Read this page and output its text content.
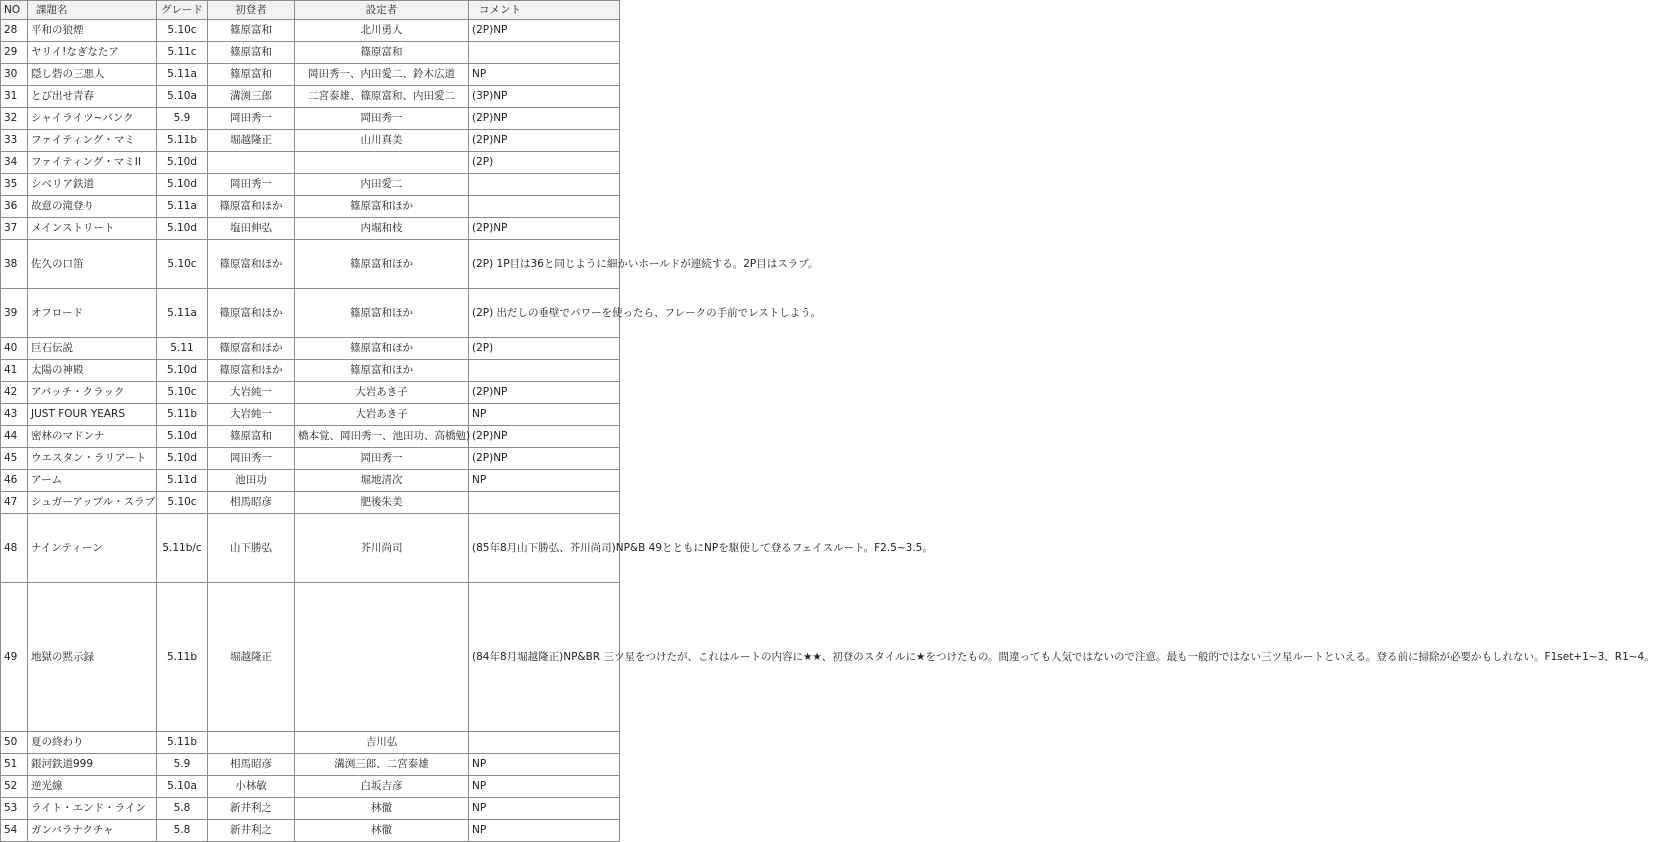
NO	課題名	グレード	初登者	設定者	コメント
28	平和の狼煙	5.10c	篠原富和	北川勇人	(2P)NP
29	ヤリイ!なぎなたア	5.11c	篠原富和	篠原富和	
30	隠し砦の三悪人	5.11a	篠原富和	岡田秀一、内田愛二、鈴木広道	NP
31	とび出せ青春	5.10a	溝渕三郎	二宮泰雄、篠原富和、内田愛二	(3P)NP
32	シャイライツ~パンク	5.9	岡田秀一	岡田秀一	(2P)NP
33	ファイティング・マミ	5.11b	堀越隆正	山川真美	(2P)NP
34	ファイティング・マミII	5.10d			(2P)
35	シベリア鉄道	5.10d	岡田秀一	内田愛二	
36	故意の滝登り	5.11a	篠原富和ほか	篠原富和ほか	
37	メインストリート	5.10d	塩田伸弘	内堀和枝	(2P)NP
38	佐久の口笛	5.10c	篠原富和ほか	篠原富和ほか	(2P) 1P目は36と同じように細かいホールドが連続する。2P目はスラブ。
39	オフロード	5.11a	篠原富和ほか	篠原富和ほか	(2P) 出だしの垂壁でパワーを使ったら、フレークの手前でレストしよう。
40	巨石伝説	5.11	篠原富和ほか	篠原富和ほか	(2P)
41	太陽の神殿	5.10d	篠原富和ほか	篠原富和ほか	
42	アパッチ・クラック	5.10c	大岩純一	大岩あき子	(2P)NP
43	JUST FOUR YEARS	5.11b	大岩純一	大岩あき子	NP
44	密林のマドンナ	5.10d	篠原富和	橋本覚、岡田秀一、池田功、高橋勉)	(2P)NP
45	ウエスタン・ラリアート	5.10d	岡田秀一	岡田秀一	(2P)NP
46	アーム	5.11d	池田功	堀地清次	NP
47	シュガーアップル・スラブ	5.10c	相馬昭彦	肥後朱美	
48	ナインティーン	5.11b/c	山下勝弘	芥川尚司	(85年8月山下勝弘、芥川尚司)NP&B 49とともにNPを駆使して登るフェイスルート。F2.5~3.5。
49	地獄の黙示録	5.11b	堀越隆正		(84年8月堀越隆正)NP&BR 三ツ星をつけたが、これはルートの内容に★★、初登のスタイルに★をつけたもの。間違っても人気ではないので注意。最も一般的ではない三ツ星ルートといえる。登る前に掃除が必要かもしれない。F1set+1~3、R1~4。
50	夏の終わり	5.11b		吉川弘	
51	銀河鉄道999	5.9	相馬昭彦	溝渕三郎、二宮泰雄	NP
52	逆光線	5.10a	小林敏	白坂吉彦	NP
53	ライト・エンド・ライン	5.8	新井利之	林徹	NP
54	ガンバラナクチャ	5.8	新井利之	林徹	NP
